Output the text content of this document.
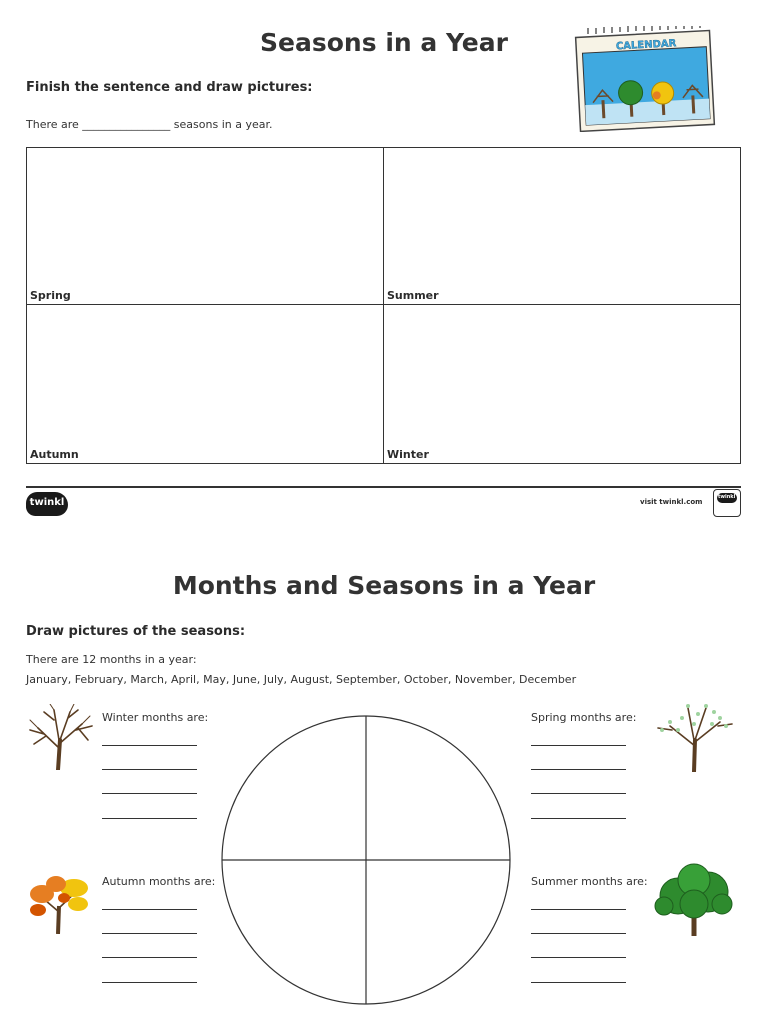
Seasons in a Year
Finish the sentence and draw pictures:
There are ________________ seasons in a year.
CALENDAR
Spring	Summer
Autumn	Winter
twinkl	visit twinkl.com
twinkl
Months and Seasons in a Year
Draw pictures of the seasons:
There are 12 months in a year:
January, February, March, April, May, June, July, August, September, October, November, December
Winter months are:	Spring months are:
Autumn months are:	Summer months are:
